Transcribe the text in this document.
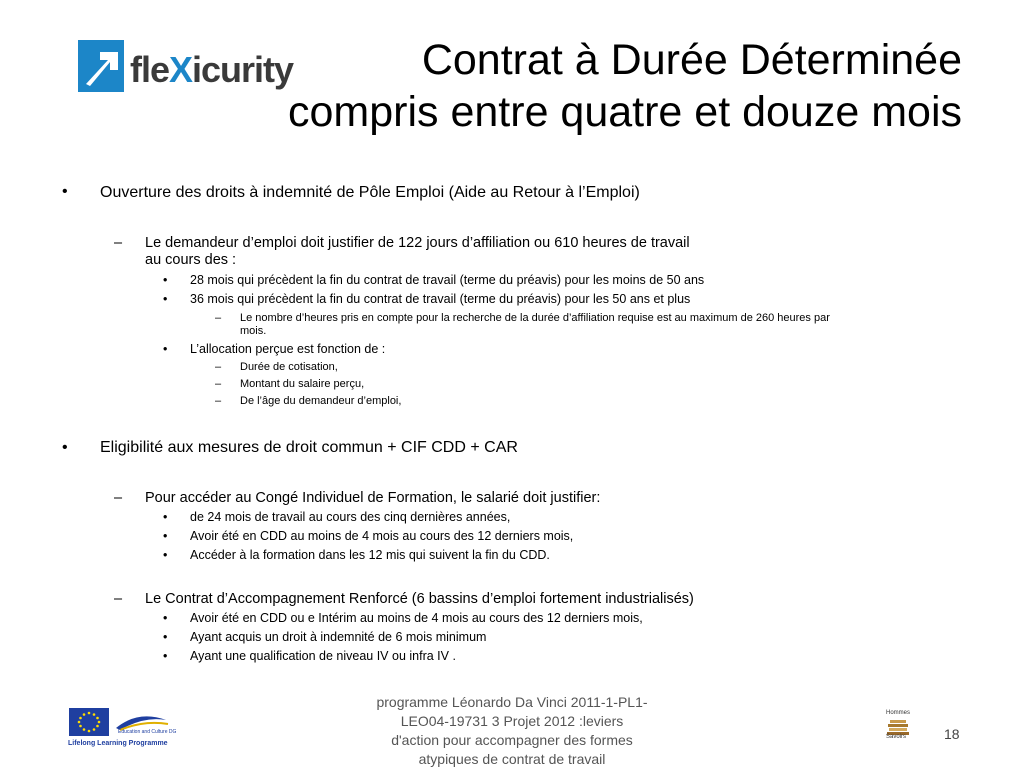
Contrat à Durée Déterminée
compris entre quatre et douze mois
fleXicurity
• Ouverture des droits à indemnité de Pôle Emploi (Aide au Retour à l’Emploi)
– Le demandeur d’emploi doit justifier de 122 jours d’affiliation ou 610 heures de travail
au cours des :
• 28 mois qui précèdent la fin du contrat de travail (terme du préavis) pour les moins de 50 ans
• 36 mois qui précèdent la fin du contrat de travail (terme du préavis) pour les 50 ans et plus
– Le nombre d’heures pris en compte pour la recherche de la durée d’affiliation requise est au maximum de 260 heures par
mois.
• L’allocation perçue est fonction de :
– Durée de cotisation,
– Montant du salaire perçu,
– De l’âge du demandeur d’emploi,
• Eligibilité aux mesures de droit commun + CIF CDD + CAR
– Pour accéder au Congé Individuel de Formation, le salarié doit justifier:
• de 24 mois de travail au cours des cinq dernières années,
• Avoir été en CDD au moins de 4 mois au cours des 12 derniers mois,
• Accéder à la formation dans les 12 mis qui suivent la fin du CDD.
– Le Contrat d’Accompagnement Renforcé (6 bassins d’emploi fortement industrialisés)
• Avoir été en CDD ou e Intérim au moins de 4 mois au cours des 12 derniers mois,
• Ayant acquis un droit à indemnité de 6 mois minimum
• Ayant une qualification de niveau IV ou infra IV .
Education and Culture DG
Lifelong Learning Programme
programme Léonardo Da Vinci 2011-1-PL1-
LEO04-19731 3 Projet 2012 :leviers
d'action pour accompagner des formes
atypiques de contrat de travail
Hommes
Savoirs	18
